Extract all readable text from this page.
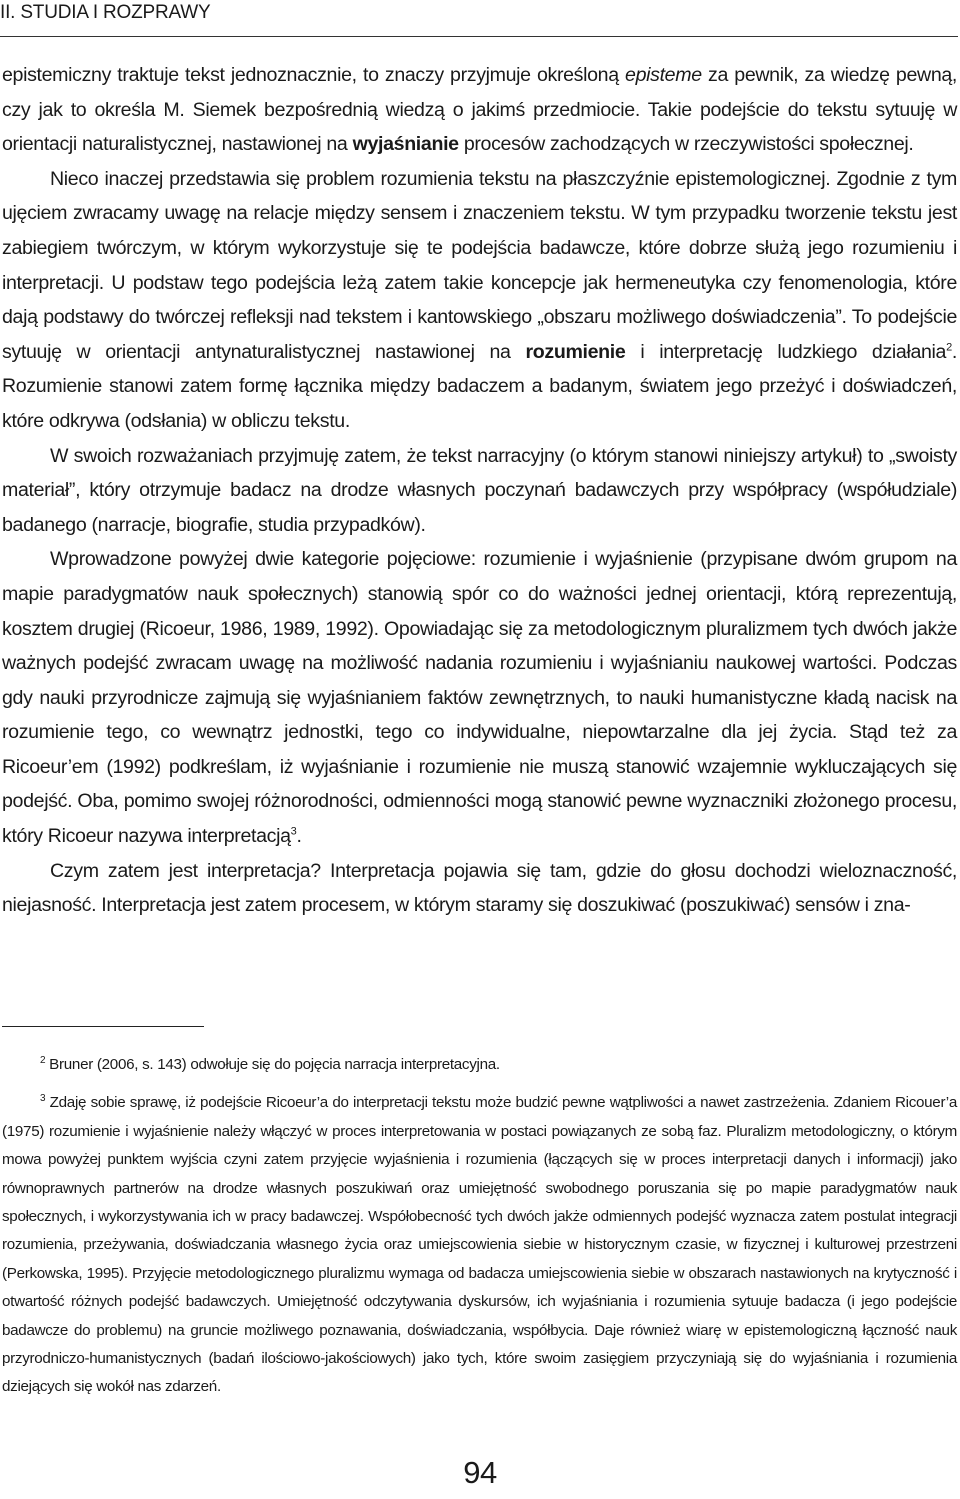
II. STUDIA I ROZPRAWY

epistemiczny traktuje tekst jednoznacznie, to znaczy przyjmuje określoną episteme za pewnik, za wiedzę pewną, czy jak to określa M. Siemek bezpośrednią wiedzą o jakimś przedmiocie. Takie podejście do tekstu sytuuję w orientacji naturalistycznej, nastawionej na wyjaśnianie procesów zachodzących w rzeczywistości społecznej.

Nieco inaczej przedstawia się problem rozumienia tekstu na płaszczyźnie epistemologicznej. Zgodnie z tym ujęciem zwracamy uwagę na relacje między sensem i znaczeniem tekstu. W tym przypadku tworzenie tekstu jest zabiegiem twórczym, w którym wykorzystuje się te podejścia badawcze, które dobrze służą jego rozumieniu i interpretacji. U podstaw tego podejścia leżą zatem takie koncepcje jak hermeneutyka czy fenomenologia, które dają podstawy do twórczej refleksji nad tekstem i kantowskiego „obszaru możliwego doświadczenia”. To podejście sytuuję w orientacji antynaturalistycznej nastawionej na rozumienie i interpretację ludzkiego działania$^2$. Rozumienie stanowi zatem formę łącznika między badaczem a badanym, światem jego przeżyć i doświadczeń, które odkrywa (odsłania) w obliczu tekstu.

W swoich rozważaniach przyjmuję zatem, że tekst narracyjny (o którym stanowi niniejszy artykuł) to „swoisty materiał”, który otrzymuje badacz na drodze własnych poczynań badawczych przy współpracy (współudziale) badanego (narracje, biografie, studia przypadków).

Wprowadzone powyżej dwie kategorie pojęciowe: rozumienie i wyjaśnienie (przypisane dwóm grupom na mapie paradygmatów nauk społecznych) stanowią spór co do ważności jednej orientacji, którą reprezentują, kosztem drugiej (Ricoeur, 1986, 1989, 1992). Opowiadając się za metodologicznym pluralizmem tych dwóch jakże ważnych podejść zwracam uwagę na możliwość nadania rozumieniu i wyjaśnianiu naukowej wartości. Podczas gdy nauki przyrodnicze zajmują się wyjaśnianiem faktów zewnętrznych, to nauki humanistyczne kładą nacisk na rozumienie tego, co wewnątrz jednostki, tego co indywidualne, niepowtarzalne dla jej życia. Stąd też za Ricoeur’em (1992) podkreślam, iż wyjaśnianie i rozumienie nie muszą stanowić wzajemnie wykluczających się podejść. Oba, pomimo swojej różnorodności, odmienności mogą stanowić pewne wyznaczniki złożonego procesu, który Ricoeur nazywa interpretacją$^3$.

Czym zatem jest interpretacja? Interpretacja pojawia się tam, gdzie do głosu dochodzi wieloznaczność, niejasność. Interpretacja jest zatem procesem, w którym staramy się doszukiwać (poszukiwać) sensów i zna-

$^2$ Bruner (2006, s. 143) odwołuje się do pojęcia narracja interpretacyjna.

$^3$ Zdaję sobie sprawę, iż podejście Ricoeur’a do interpretacji tekstu może budzić pewne wątpliwości a nawet zastrzeżenia. Zdaniem Ricouer’a (1975) rozumienie i wyjaśnienie należy włączyć w proces interpretowania w postaci powiązanych ze sobą faz. Pluralizm metodologiczny, o którym mowa powyżej punktem wyjścia czyni zatem przyjęcie wyjaśnienia i rozumienia (łączących się w proces interpretacji danych i informacji) jako równoprawnych partnerów na drodze własnych poszukiwań oraz umiejętność swobodnego poruszania się po mapie paradygmatów nauk społecznych, i wykorzystywania ich w pracy badawczej. Współobecność tych dwóch jakże odmiennych podejść wyznacza zatem postulat integracji rozumienia, przeżywania, doświadczania własnego życia oraz umiejscowienia siebie w historycznym czasie, w fizycznej i kulturowej przestrzeni (Perkowska, 1995). Przyjęcie metodologicznego pluralizmu wymaga od badacza umiejscowienia siebie w obszarach nastawionych na krytyczność i otwartość różnych podejść badawczych. Umiejętność odczytywania dyskursów, ich wyjaśniania i rozumienia sytuuje badacza (i jego podejście badawcze do problemu) na gruncie możliwego poznawania, doświadczania, współbycia. Daje również wiarę w epistemologiczną łączność nauk przyrodniczo-humanistycznych (badań ilościowo-jakościowych) jako tych, które swoim zasięgiem przyczyniają się do wyjaśniania i rozumienia dziejących się wokół nas zdarzeń.

94
